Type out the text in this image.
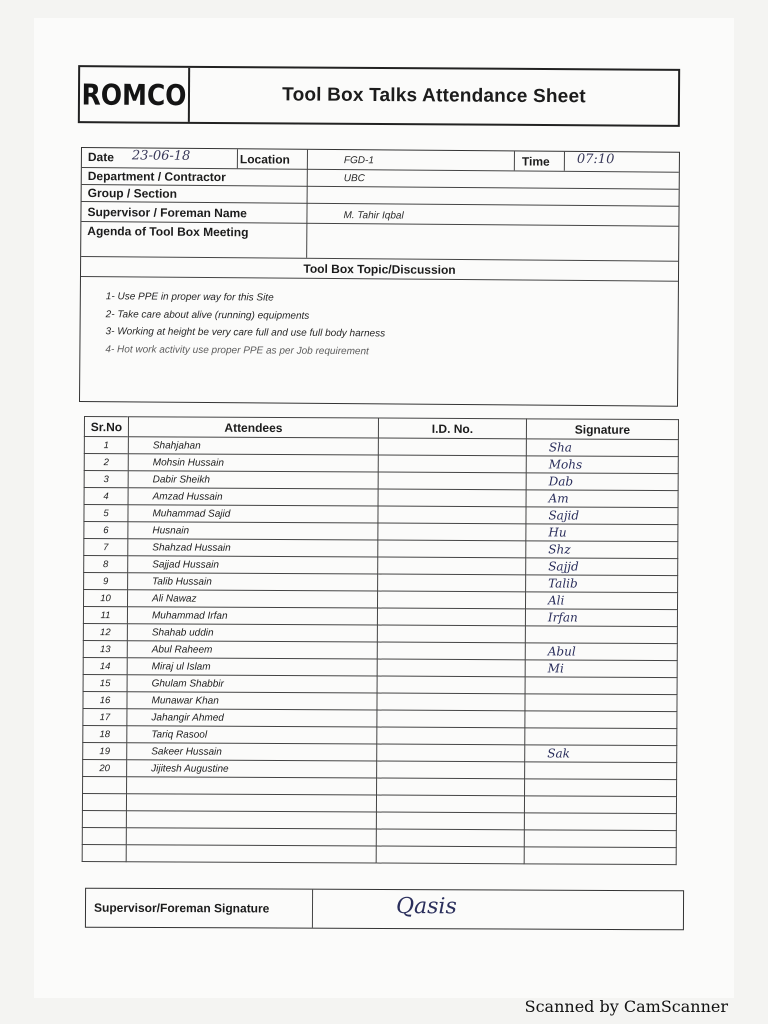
ROMCO	Tool Box Talks Attendance Sheet
Date 23-06-18	Location	FGD-1	Time 07:10
Department / Contractor	UBC
Group / Section
Supervisor / Foreman Name	M. Tahir Iqbal
Agenda of Tool Box Meeting
Tool Box Topic/Discussion
1- Use PPE in proper way for this Site
2- Take care about alive (running) equipments
3- Working at height be very care full and use full body harness
4- Hot work activity use proper PPE as per Job requirement
Sr.No	Attendees	I.D. No.	Signature
1	Shahjahan		Sha
2	Mohsin Hussain		Mohs
3	Dabir Sheikh		Dab
4	Amzad Hussain		Am
5	Muhammad Sajid		Sajid
6	Husnain		Hu
7	Shahzad Hussain		Shz
8	Sajjad Hussain		Sajjd
9	Talib Hussain		Talib
10	Ali Nawaz		Ali
11	Muhammad Irfan		Irfan
12	Shahab uddin		
13	Abul Raheem		Abul
14	Miraj ul Islam		Mi
15	Ghulam Shabbir		
16	Munawar Khan		
17	Jahangir Ahmed		
18	Tariq Rasool		
19	Sakeer Hussain		Sak
20	Jijitesh Augustine		

Supervisor/Foreman Signature	Qasis
Scanned by CamScanner
